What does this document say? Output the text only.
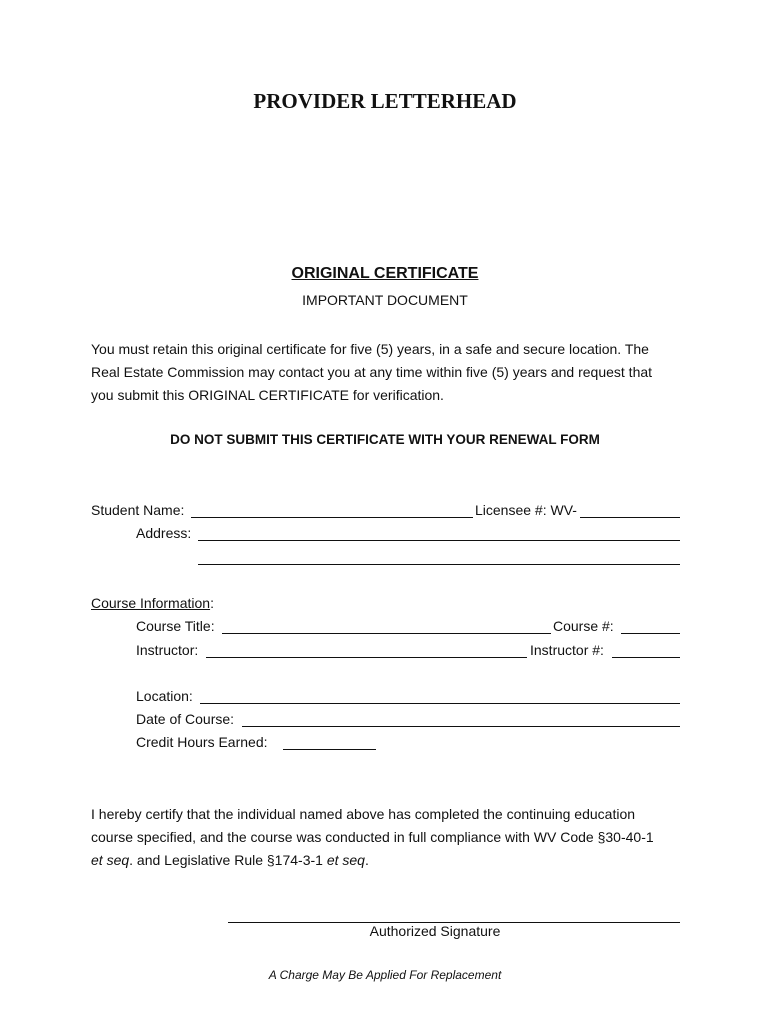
PROVIDER LETTERHEAD
ORIGINAL CERTIFICATE
IMPORTANT DOCUMENT
You must retain this original certificate for five (5) years, in a safe and secure location. The
Real Estate Commission may contact you at any time within five (5) years and request that
you submit this ORIGINAL CERTIFICATE for verification.
DO NOT SUBMIT THIS CERTIFICATE WITH YOUR RENEWAL FORM
Student Name:	Licensee #: WV-
Address:
Course Information:
Course Title:	Course #:
Instructor:	Instructor #:
Location:
Date of Course:
Credit Hours Earned:
I hereby certify that the individual named above has completed the continuing education
course specified, and the course was conducted in full compliance with WV Code §30-40-1
et seq. and Legislative Rule §174-3-1 et seq.
Authorized Signature
A Charge May Be Applied For Replacement
